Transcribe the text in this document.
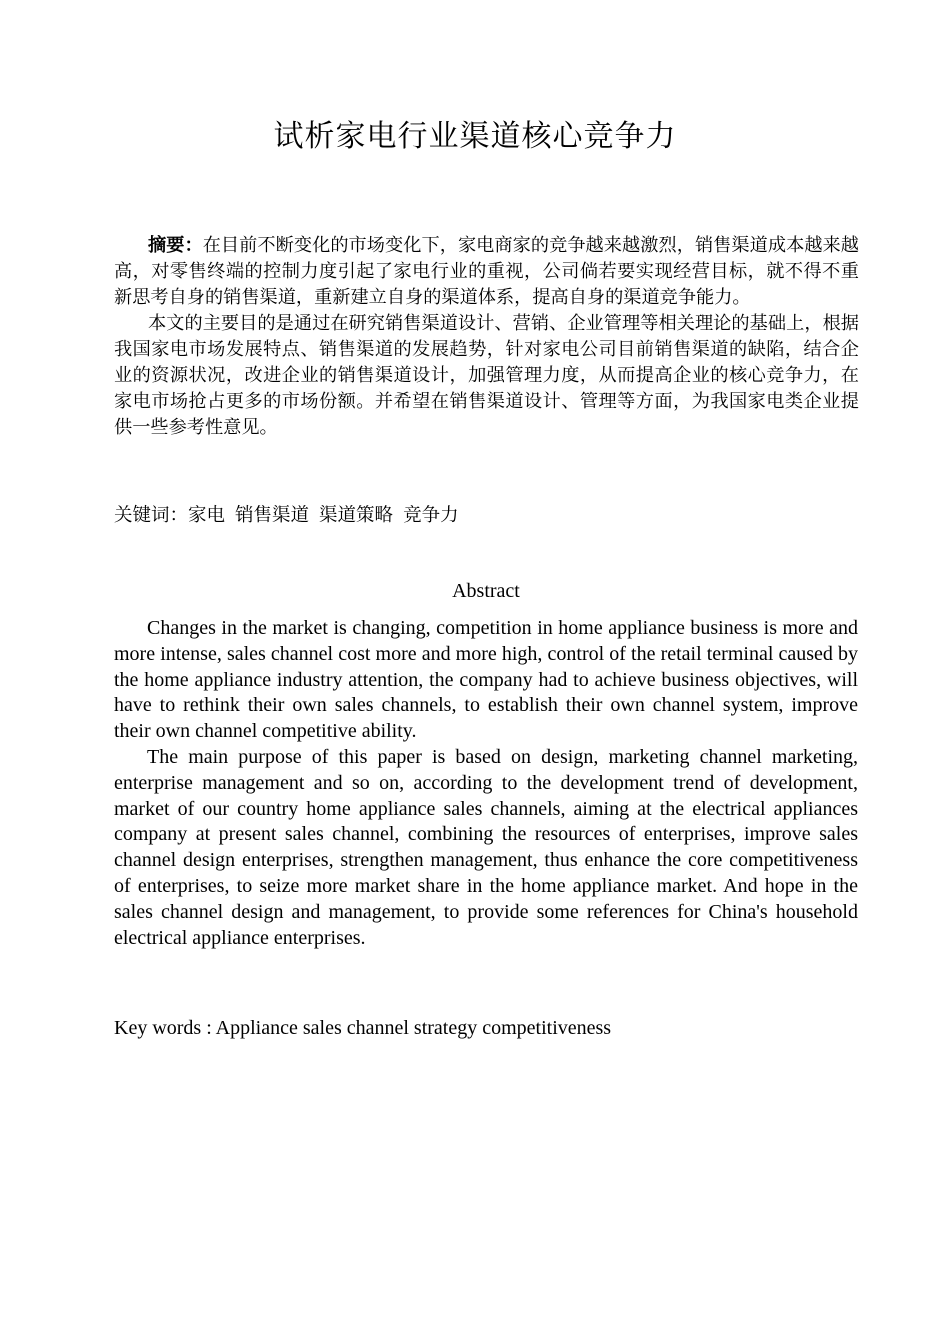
试析家电行业渠道核心竞争力

摘要：在目前不断变化的市场变化下，家电商家的竞争越来越激烈，销售渠道成本越来越高，对零售终端的控制力度引起了家电行业的重视，公司倘若要实现经营目标，就不得不重新思考自身的销售渠道，重新建立自身的渠道体系，提高自身的渠道竞争能力。

本文的主要目的是通过在研究销售渠道设计、营销、企业管理等相关理论的基础上，根据我国家电市场发展特点、销售渠道的发展趋势，针对家电公司目前销售渠道的缺陷，结合企业的资源状况，改进企业的销售渠道设计，加强管理力度，从而提高企业的核心竞争力，在家电市场抢占更多的市场份额。并希望在销售渠道设计、管理等方面，为我国家电类企业提供一些参考性意见。

关键词：家电 销售渠道 渠道策略 竞争力

Abstract

Changes in the market is changing, competition in home appliance business is more and more intense, sales channel cost more and more high, control of the retail terminal caused by the home appliance industry attention, the company had to achieve business objectives, will have to rethink their own sales channels, to establish their own channel system, improve their own channel competitive ability.

The main purpose of this paper is based on design, marketing channel marketing, enterprise management and so on, according to the development trend of development, market of our country home appliance sales channels, aiming at the electrical appliances company at present sales channel, combining the resources of enterprises, improve sales channel design enterprises, strengthen management, thus enhance the core competitiveness of enterprises, to seize more market share in the home appliance market. And hope in the sales channel design and management, to provide some references for China's household electrical appliance enterprises.

Key words : Appliance sales channel strategy competitiveness
